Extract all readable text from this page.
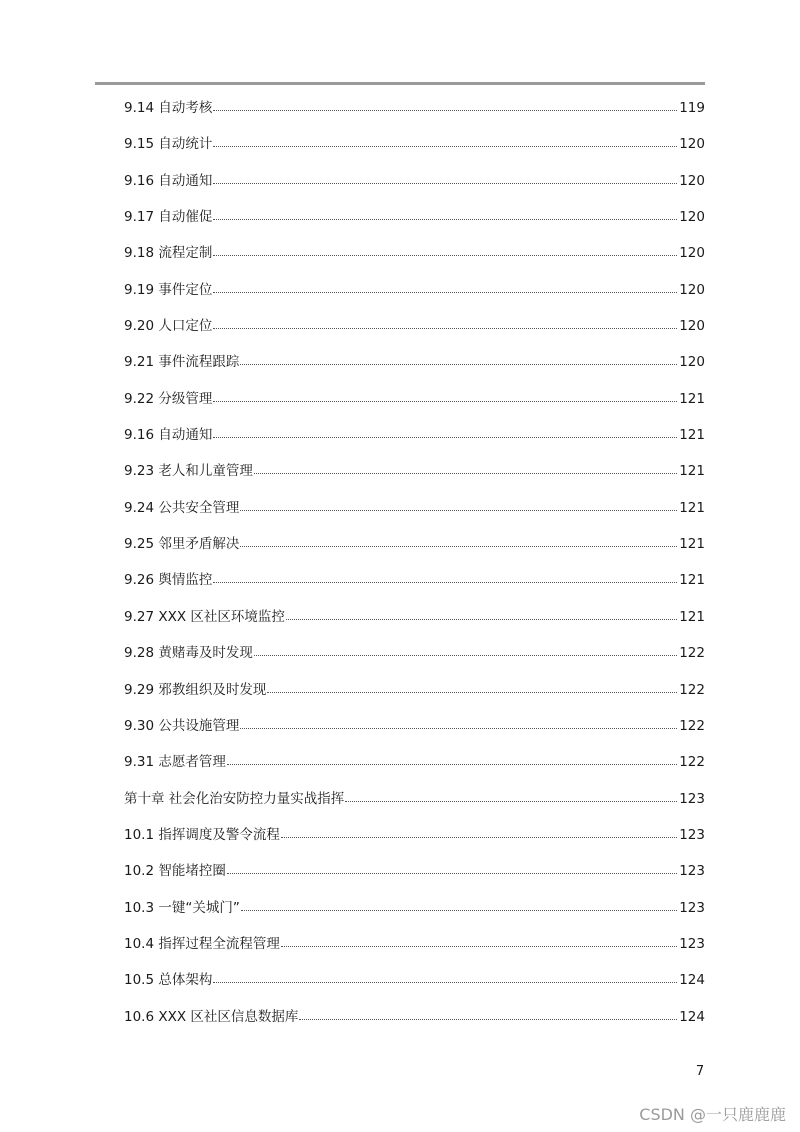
9.14 自动考核	119
9.15 自动统计	120
9.16 自动通知	120
9.17 自动催促	120
9.18 流程定制	120
9.19 事件定位	120
9.20 人口定位	120
9.21 事件流程跟踪	120
9.22 分级管理	121
9.16 自动通知	121
9.23 老人和儿童管理	121
9.24 公共安全管理	121
9.25 邻里矛盾解决	121
9.26 舆情监控	121
9.27 XXX 区社区环境监控	121
9.28 黄赌毒及时发现	122
9.29 邪教组织及时发现	122
9.30 公共设施管理	122
9.31 志愿者管理	122
第十章 社会化治安防控力量实战指挥	123
10.1 指挥调度及警令流程	123
10.2 智能堵控圈	123
10.3 一键“关城门”	123
10.4 指挥过程全流程管理	123
10.5 总体架构	124
10.6 XXX 区社区信息数据库	124
7
CSDN @一只鹿鹿鹿
